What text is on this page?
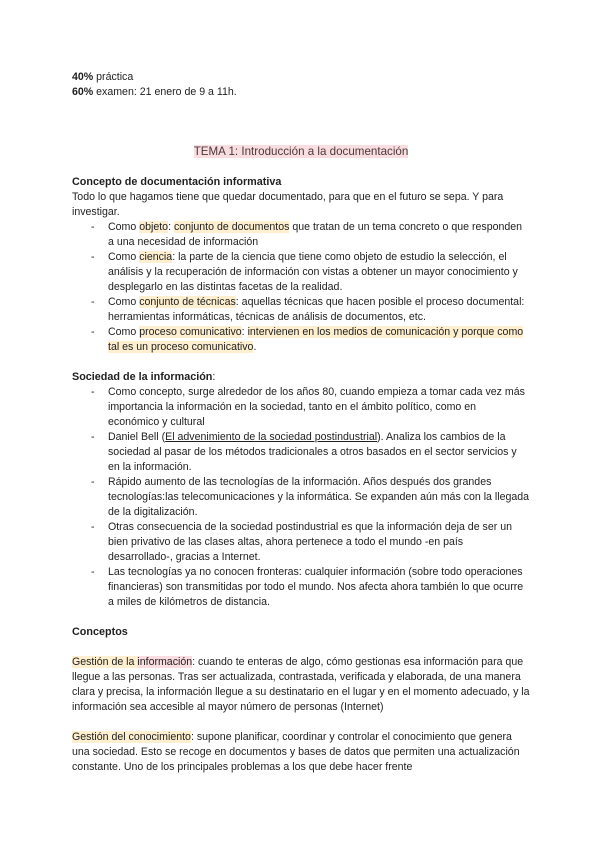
40% práctica

60% examen: 21 enero de 9 a 11h.

TEMA 1: Introducción a la documentación

Concepto de documentación informativa

Todo lo que hagamos tiene que quedar documentado, para que en el futuro se sepa. Y para investigar.

- Como objeto: conjunto de documentos que tratan de un tema concreto o que responden a una necesidad de información
- Como ciencia: la parte de la ciencia que tiene como objeto de estudio la selección, el análisis y la recuperación de información con vistas a obtener un mayor conocimiento y desplegarlo en las distintas facetas de la realidad.
- Como conjunto de técnicas: aquellas técnicas que hacen posible el proceso documental: herramientas informáticas, técnicas de análisis de documentos, etc.
- Como proceso comunicativo: intervienen en los medios de comunicación y porque como tal es un proceso comunicativo.
Sociedad de la información:
- Como concepto, surge alrededor de los años 80, cuando empieza a tomar cada vez más importancia la información en la sociedad, tanto en el ámbito político, como en económico y cultural
- Daniel Bell (El advenimiento de la sociedad postindustrial). Analiza los cambios de la sociedad al pasar de los métodos tradicionales a otros basados en el sector servicios y en la información.
- Rápido aumento de las tecnologías de la información. Años después dos grandes tecnologías:las telecomunicaciones y la informática. Se expanden aún más con la llegada de la digitalización.
- Otras consecuencia de la sociedad postindustrial es que la información deja de ser un bien privativo de las clases altas, ahora pertenece a todo el mundo -en país desarrollado-, gracias a Internet.
- Las tecnologías ya no conocen fronteras: cualquier información (sobre todo operaciones financieras) son transmitidas por todo el mundo. Nos afecta ahora también lo que ocurre a miles de kilómetros de distancia.
Conceptos

Gestión de la información: cuando te enteras de algo, cómo gestionas esa información para que llegue a las personas. Tras ser actualizada, contrastada, verificada y elaborada, de una manera clara y precisa, la información llegue a su destinatario en el lugar y en el momento adecuado, y la información sea accesible al mayor número de personas (Internet)

Gestión del conocimiento: supone planificar, coordinar y controlar el conocimiento que genera una sociedad. Esto se recoge en documentos y bases de datos que permiten una actualización constante. Uno de los principales problemas a los que debe hacer frente
